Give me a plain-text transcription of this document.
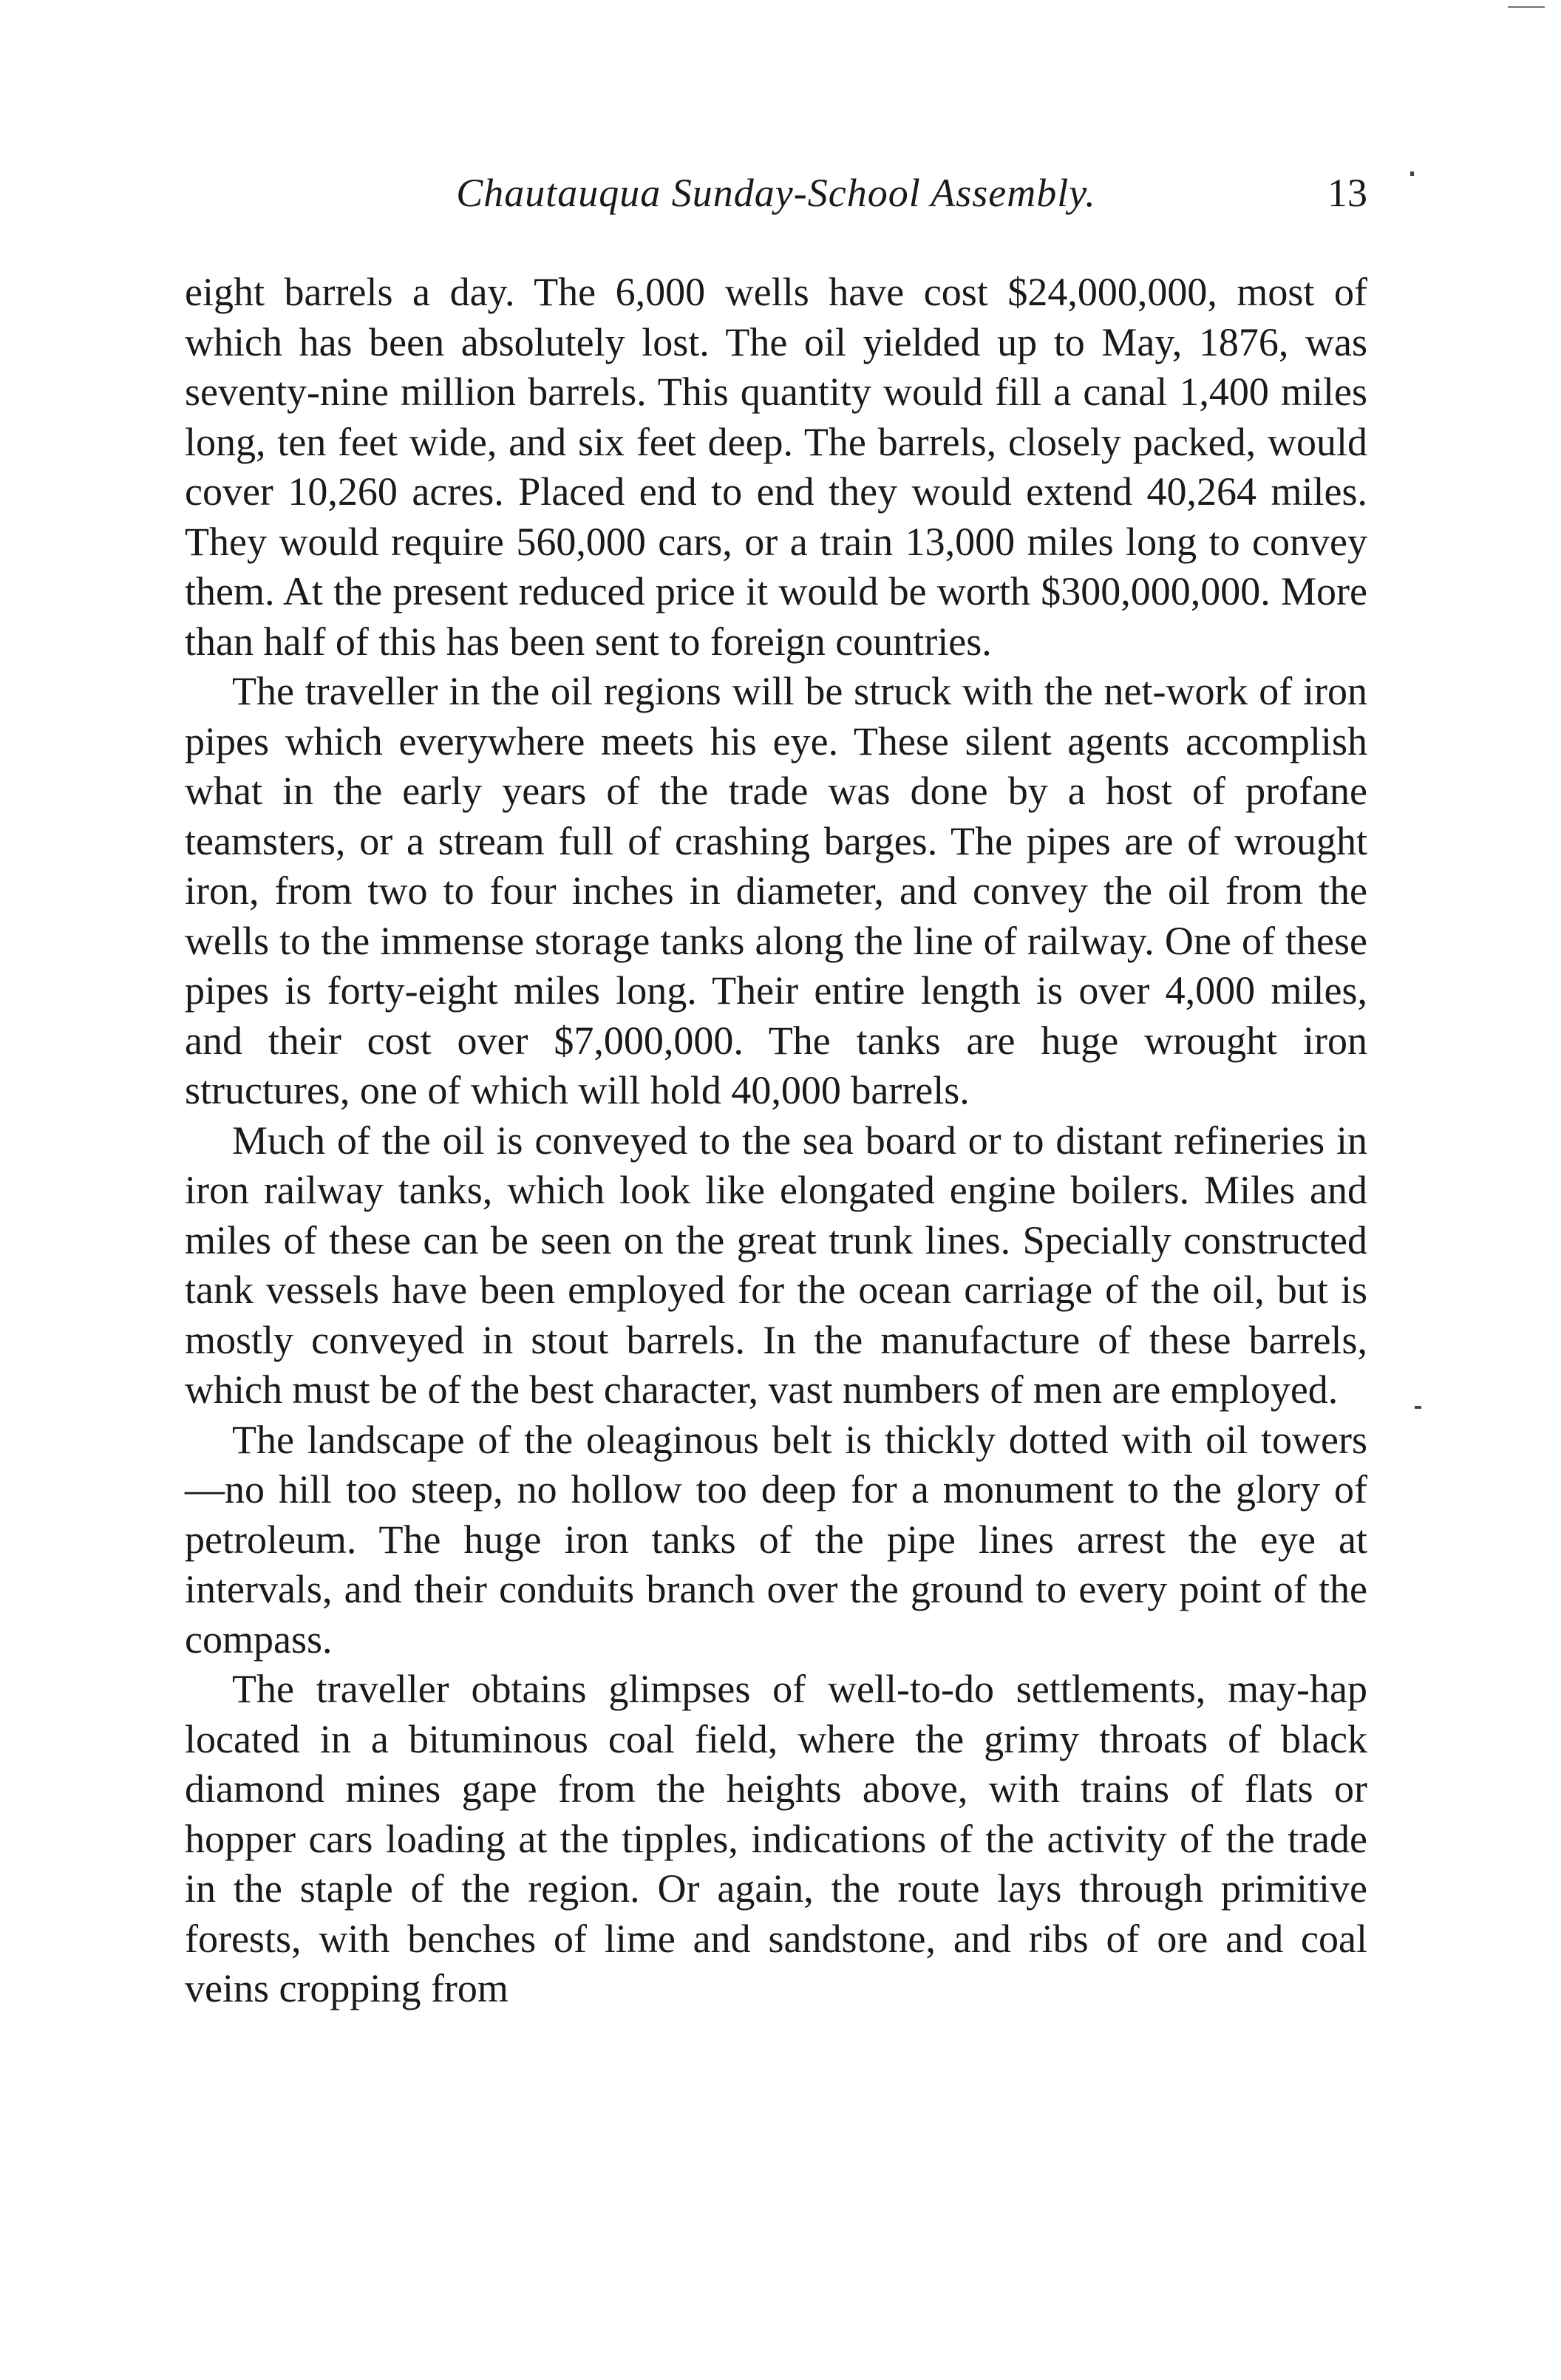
Chautauqua Sunday-School Assembly.	13

eight barrels a day. The 6,000 wells have cost $24,000,000, most of which has been absolutely lost. The oil yielded up to May, 1876, was seventy-nine million barrels. This quantity would fill a canal 1,400 miles long, ten feet wide, and six feet deep. The barrels, closely packed, would cover 10,260 acres. Placed end to end they would extend 40,264 miles. They would require 560,000 cars, or a train 13,000 miles long to convey them. At the present reduced price it would be worth $300,000,000. More than half of this has been sent to foreign countries.

The traveller in the oil regions will be struck with the net-work of iron pipes which everywhere meets his eye. These silent agents accomplish what in the early years of the trade was done by a host of profane teamsters, or a stream full of crashing barges. The pipes are of wrought iron, from two to four inches in diameter, and convey the oil from the wells to the immense storage tanks along the line of railway. One of these pipes is forty-eight miles long. Their entire length is over 4,000 miles, and their cost over $7,000,000. The tanks are huge wrought iron structures, one of which will hold 40,000 barrels.

Much of the oil is conveyed to the sea board or to distant refineries in iron railway tanks, which look like elongated engine boilers. Miles and miles of these can be seen on the great trunk lines. Specially constructed tank vessels have been employed for the ocean carriage of the oil, but is mostly conveyed in stout barrels. In the manufacture of these barrels, which must be of the best character, vast numbers of men are employed.

The landscape of the oleaginous belt is thickly dotted with oil towers—no hill too steep, no hollow too deep for a monument to the glory of petroleum. The huge iron tanks of the pipe lines arrest the eye at intervals, and their conduits branch over the ground to every point of the compass.

The traveller obtains glimpses of well-to-do settlements, may-hap located in a bituminous coal field, where the grimy throats of black diamond mines gape from the heights above, with trains of flats or hopper cars loading at the tipples, indications of the activity of the trade in the staple of the region. Or again, the route lays through primitive forests, with benches of lime and sandstone, and ribs of ore and coal veins cropping from
